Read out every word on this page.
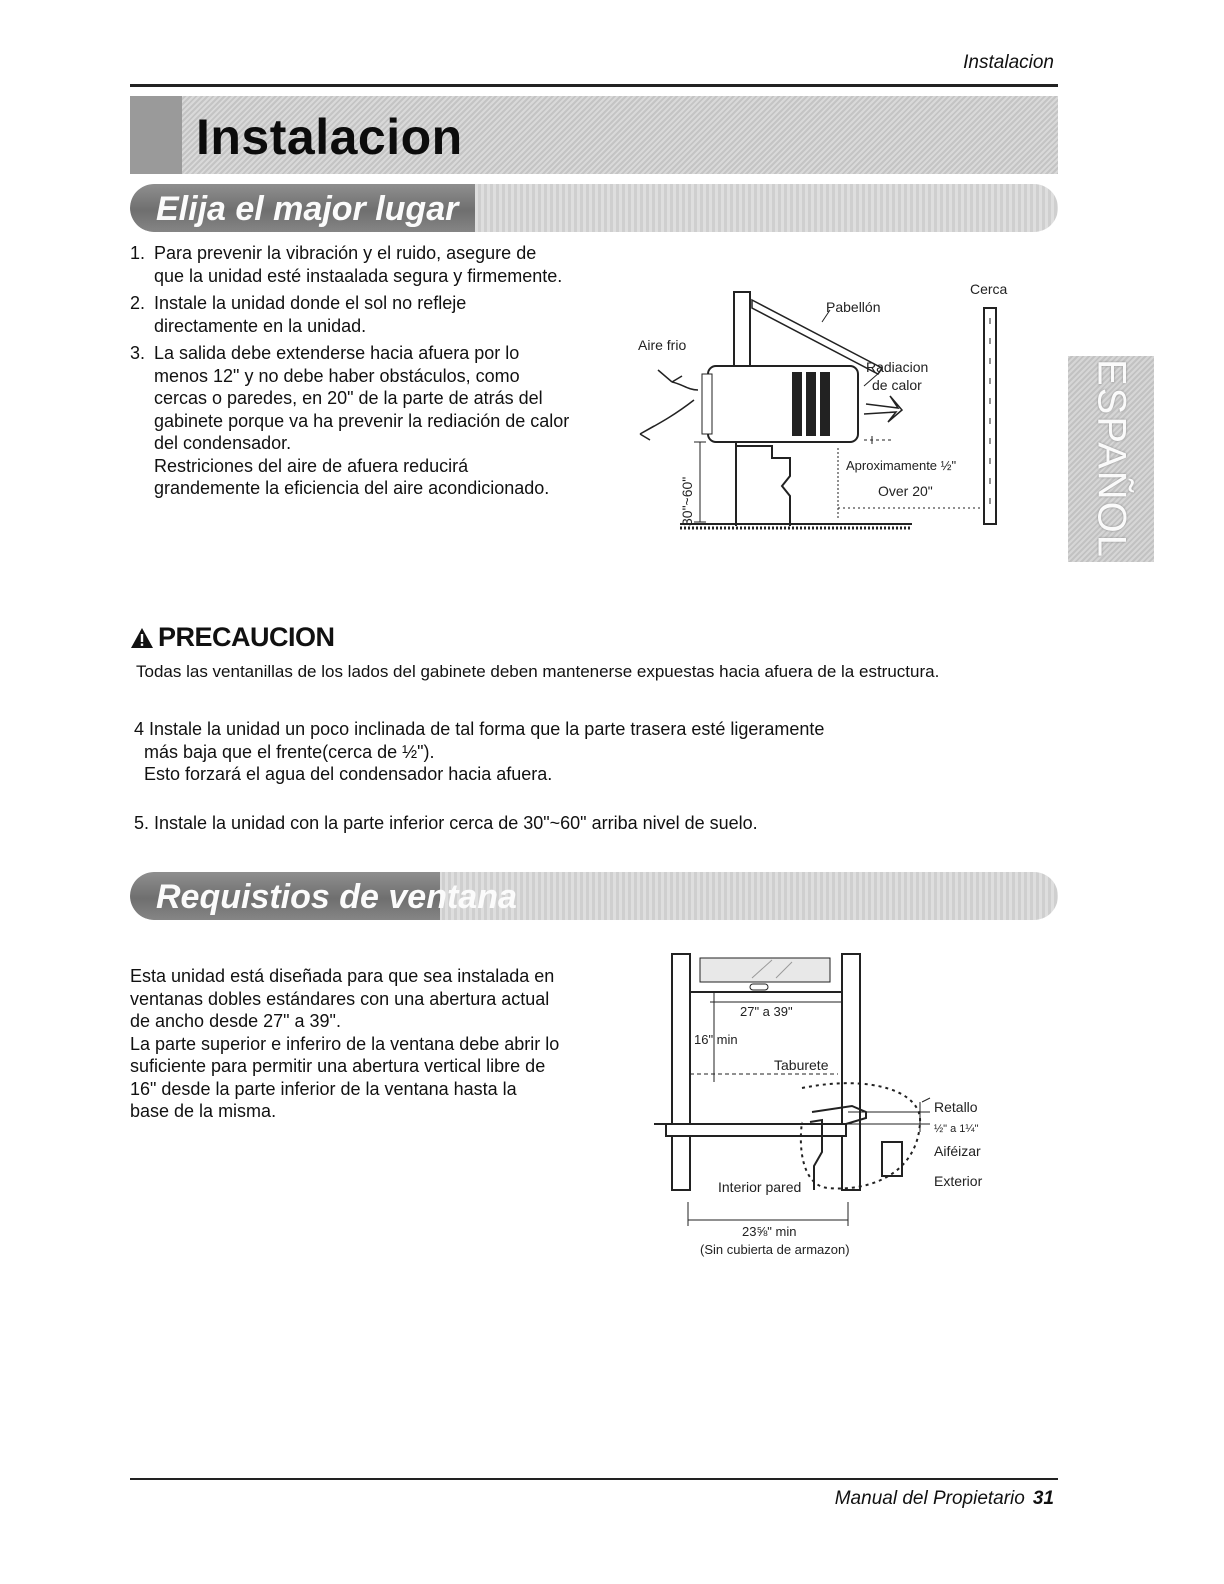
Instalacion
Instalacion
Elija el major lugar
1. Para prevenir la vibración y el ruido, asegure de que la unidad esté instaalada segura y firmemente.
2. Instale la unidad donde el sol no refleje directamente en la unidad.
3. La salida debe extenderse hacia afuera por lo menos 12" y no debe haber obstáculos, como cercas o paredes, en 20" de la parte de atrás del gabinete porque va ha prevenir la rediación de calor del condensador.
Restriciones del aire de afuera reducirá grandemente la eficiencia del aire acondicionado.
Pabellón
Cerca
Aire frio
Radiacion
de calor
Aproximamente ½"
Over 20"
30"~60"	ESPAÑOL
PRECAUCION
Todas las ventanillas de los lados del gabinete deben mantenerse expuestas hacia afuera de la estructura.
4 Instale la unidad un poco inclinada de tal forma que la parte trasera esté ligeramente
más baja que el frente(cerca de ½").
Esto forzará el agua del condensador hacia afuera.
5. Instale la unidad con la parte inferior cerca de 30"~60" arriba nivel de suelo.
Requistios de ventana
Esta unidad está diseñada para que sea instalada en ventanas dobles estándares con una abertura actual de ancho desde 27" a 39".
La parte superior e inferiro de la ventana debe abrir lo suficiente para permitir una abertura vertical libre de 16" desde la parte inferior de la ventana hasta la base de la misma.
27" a 39"
16" min
Taburete
Retallo
½" a 1¼"
Aiféizar
Exterior
Interior pared
23⅝" min
(Sin cubierta de armazon)
Manual del Propietario 31
